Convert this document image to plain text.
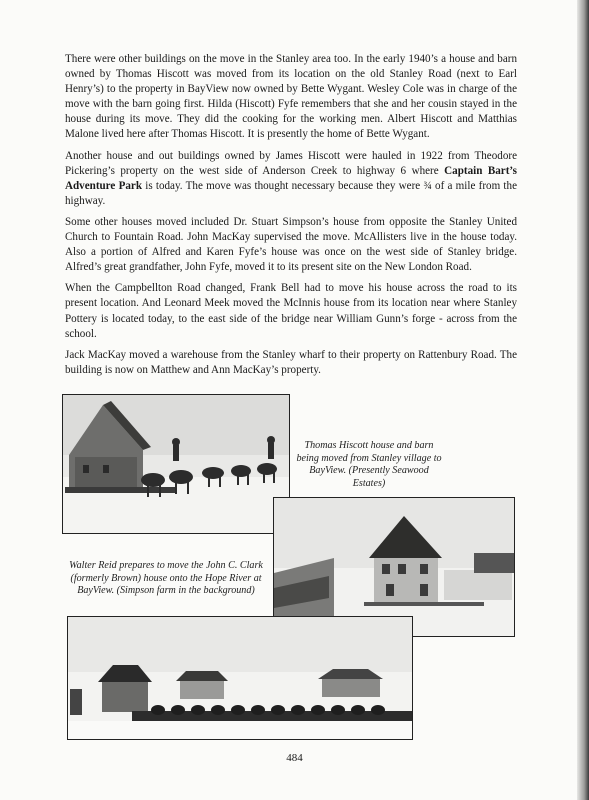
There were other buildings on the move in the Stanley area too. In the early 1940’s a house and barn owned by Thomas Hiscott was moved from its location on the old Stanley Road (next to Earl Henry’s) to the property in BayView now owned by Bette Wygant. Wesley Cole was in charge of the move with the barn going first. Hilda (Hiscott) Fyfe remembers that she and her cousin stayed in the house during its move. They did the cooking for the working men. Albert Hiscott and Matthias Malone lived here after Thomas Hiscott. It is presently the home of Bette Wygant.

Another house and out buildings owned by James Hiscott were hauled in 1922 from Theodore Pickering’s property on the west side of Anderson Creek to highway 6 where Captain Bart’s Adventure Park is today. The move was thought necessary because they were ¾ of a mile from the highway.

Some other houses moved included Dr. Stuart Simpson’s house from opposite the Stanley United Church to Fountain Road. John MacKay supervised the move. McAllisters live in the house today. Also a portion of Alfred and Karen Fyfe’s house was once on the west side of Stanley bridge. Alfred’s great grandfather, John Fyfe, moved it to its present site on the New London Road.

When the Campbellton Road changed, Frank Bell had to move his house across the road to its present location. And Leonard Meek moved the McInnis house from its location near where Stanley Pottery is located today, to the east side of the bridge near William Gunn’s forge - across from the school.

Jack MacKay moved a warehouse from the Stanley wharf to their property on Rattenbury Road. The building is now on Matthew and Ann MacKay’s property.

Thomas Hiscott house and barn being moved from Stanley village to BayView. (Presently Seawood Estates)
Walter Reid prepares to move the John C. Clark (formerly Brown) house onto the Hope River at BayView. (Simpson farm in the background)
484
